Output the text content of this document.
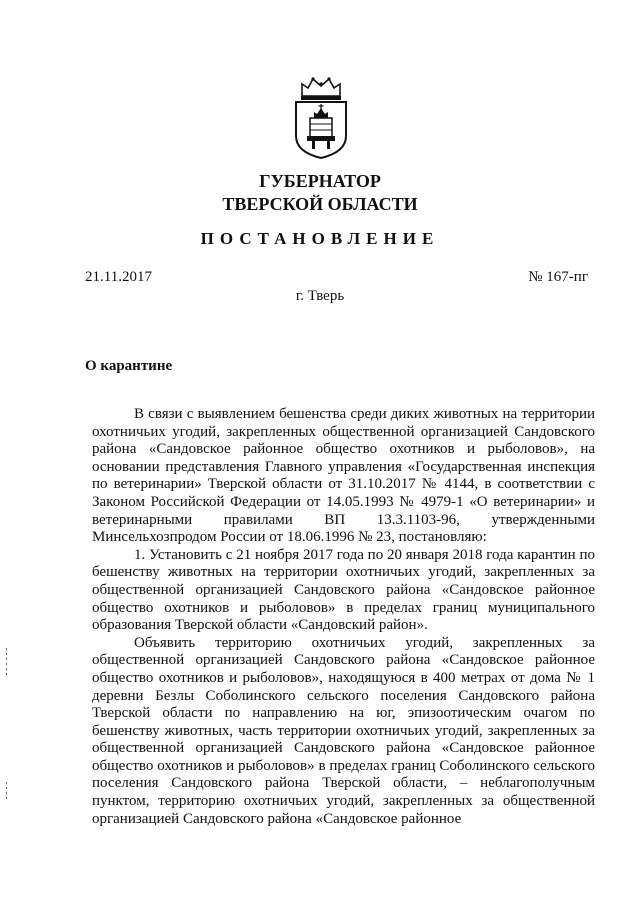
ГУБЕРНАТОР
ТВЕРСКОЙ ОБЛАСТИ
ПОСТАНОВЛЕНИЕ
21.11.2017	№ 167-пг
г. Тверь
О карантине

В связи с выявлением бешенства среди диких животных на территории охотничьих угодий, закрепленных общественной организацией Сандовского района «Сандовское районное общество охотников и рыболовов», на основании представления Главного управления «Государственная инспекция по ветеринарии» Тверской области от 31.10.2017 № 4144, в соответствии с Законом Российской Федерации от 14.05.1993 № 4979-1 «О ветеринарии» и ветеринарными правилами ВП 13.3.1103-96, утвержденными Минсельхозпродом России от 18.06.1996 № 23, постановляю:

1. Установить с 21 ноября 2017 года по 20 января 2018 года карантин по бешенству животных на территории охотничьих угодий, закрепленных за общественной организацией Сандовского района «Сандовское районное общество охотников и рыболовов» в пределах границ муниципального образования Тверской области «Сандовский район».

Объявить территорию охотничьих угодий, закрепленных за общественной организацией Сандовского района «Сандовское районное общество охотников и рыболовов», находящуюся в 400 метрах от дома № 1 деревни Безлы Соболинского сельского поселения Сандовского района Тверской области по направлению на юг, эпизоотическим очагом по бешенству животных, часть территории охотничьих угодий, закрепленных за общественной организацией Сандовского района «Сандовское районное общество охотников и рыболовов» в пределах границ Соболинского сельского поселения Сандовского района Тверской области, – неблагополучным пунктом, территорию охотничьих угодий, закрепленных за общественной организацией Сандовского района «Сандовское районное
